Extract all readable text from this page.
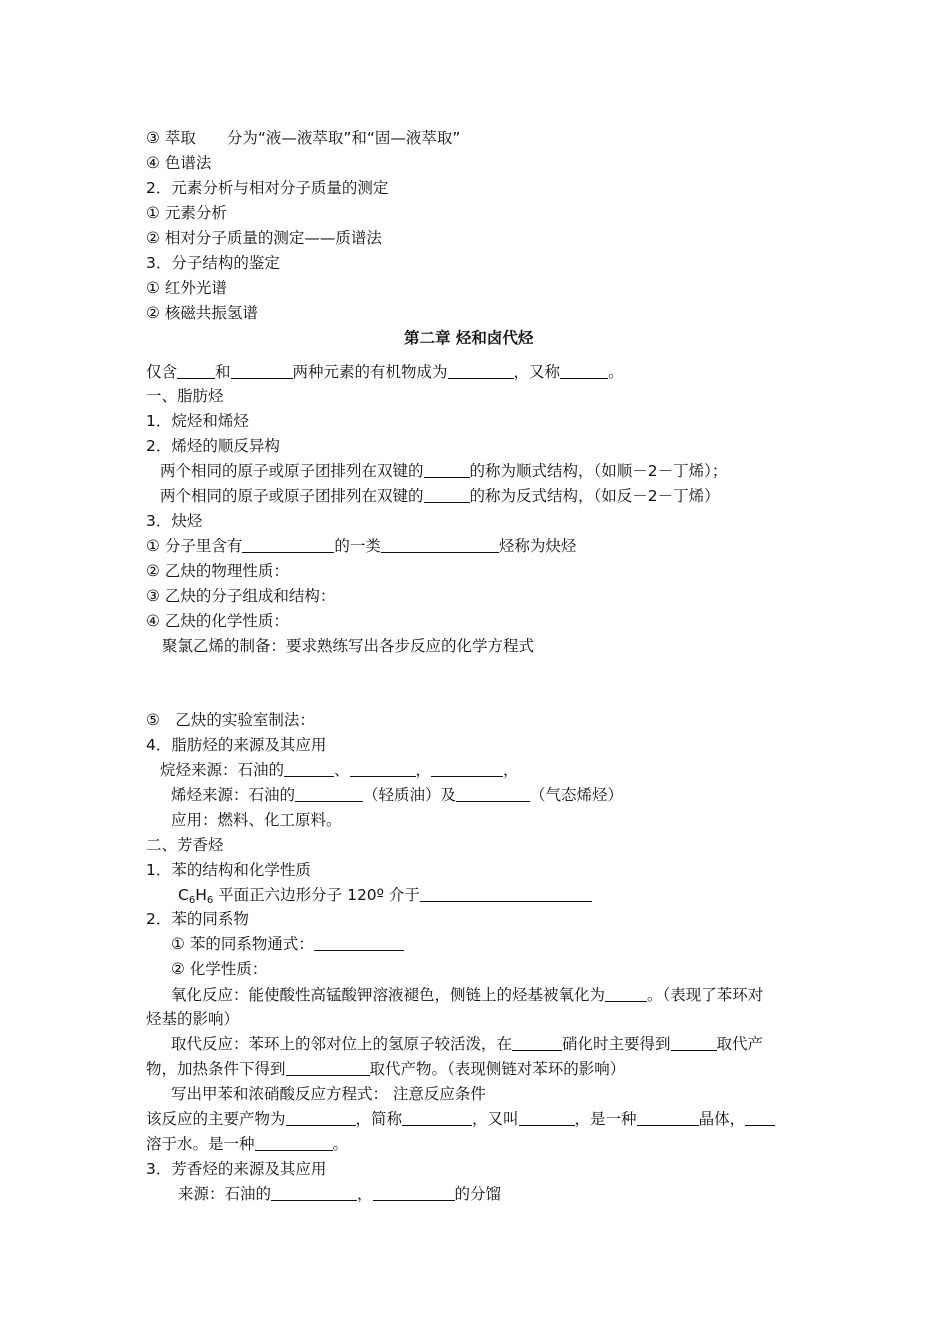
③ 萃取　　分为“液—液萃取”和“固—液萃取”
④ 色谱法
2．元素分析与相对分子质量的测定
① 元素分析
② 相对分子质量的测定——质谱法
3．分子结构的鉴定
① 红外光谱
② 核磁共振氢谱
第二章 烃和卤代烃
仅含 和	两种元素的有机物成为	，又称	。
一、脂肪烃
1．烷烃和烯烃
2．烯烃的顺反异构
两个相同的原子或原子团排列在双键的	的称为顺式结构，（如顺－2－丁烯）；
两个相同的原子或原子团排列在双键的	的称为反式结构，（如反－2－丁烯）
3．炔烃
① 分子里含有	的一类	烃称为炔烃
② 乙炔的物理性质：
③ 乙炔的分子组成和结构：
④ 乙炔的化学性质：
聚氯乙烯的制备：要求熟练写出各步反应的化学方程式
⑤　乙炔的实验室制法：
4．脂肪烃的来源及其应用
烷烃来源：石油的	、	，	，
烯烃来源：石油的	（轻质油）及	（气态烯烃）
应用：燃料、化工原料。
二、芳香烃
1．苯的结构和化学性质
$C_6H_6$ 平面正六边形分子 120º 介于
2．苯的同系物
① 苯的同系物通式：
② 化学性质：
氧化反应：能使酸性高锰酸钾溶液褪色，侧链上的烃基被氧化为	。（表现了苯环对
烃基的影响）
取代反应：苯环上的邻对位上的氢原子较活泼，在	硝化时主要得到	取代产
物，加热条件下得到	取代产物。（表现侧链对苯环的影响）
写出甲苯和浓硝酸反应方程式： 注意反应条件
该反应的主要产物为	，简称	，又叫	，是一种	晶体，
溶于水。是一种	。
3．芳香烃的来源及其应用
来源：石油的	，	的分馏
